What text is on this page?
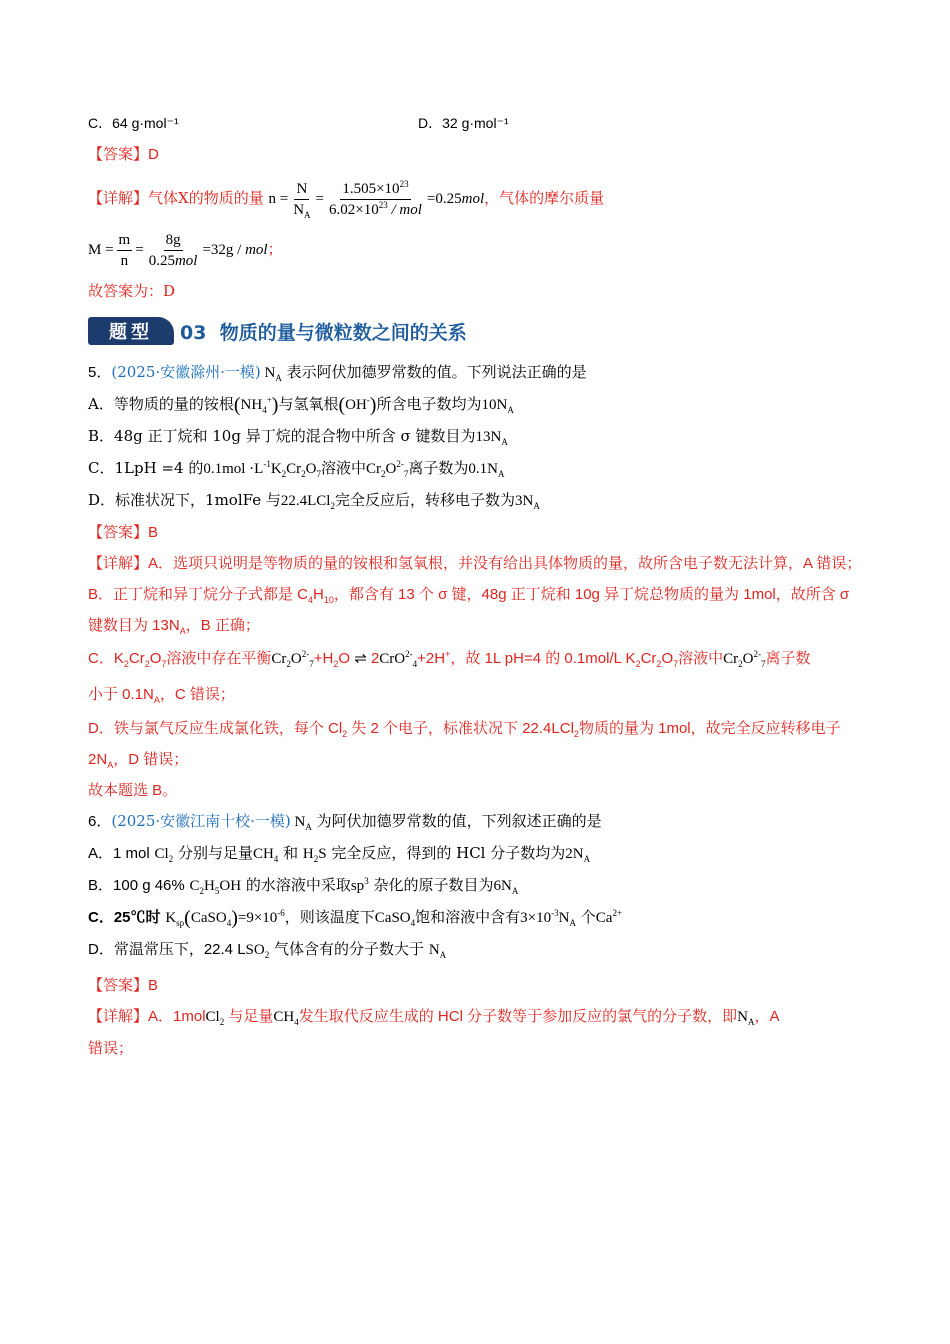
C．64 g·mol⁻¹	D．32 g·mol⁻¹
【答案】D
【详解】气体X的物质的量 $n = \frac{N}{N_A} = \frac{1.505\times 10^{23}}{6.02\times 10^{23} / mol} =0.25mol$，气体的摩尔质量
$M = \frac{m}{n} = \frac{8g}{\text{0.25mol}} =32g$ / mol；
故答案为：D
题型	03 物质的量与微粒数之间的关系
5．(2025·安徽滁州·一模) $N_A$ 表示阿伏加德罗常数的值。下列说法正确的是
A．等物质的量的铵根$(NH_4^+)$与氢氧根(OH-)所含电子数均为$10N_A$
B．48g 正丁烷和 10g 异丁烷的混合物中所含 σ 键数目为$13N_A$
C．1LpH =4 的$0.1mol \cdot L^{-1}K_2Cr_2O_7$溶液中$Cr_2O^{2-}_7$离子数为$0.1N_A$
D．标准状况下，1molFe 与22.4LCl$_2$完全反应后，转移电子数为$3N_A$
【答案】B
【详解】A．选项只说明是等物质的量的铵根和氢氧根，并没有给出具体物质的量，故所含电子数无法计算，A 错误；
B．正丁烷和异丁烷分子式都是 $C_4H_{10}$，都含有 13 个 σ 键，48g 正丁烷和 10g 异丁烷总物质的量为 1mol，故所含 σ 键数目为 $13N_A$，B 正确；
C．$K_2Cr_2O_7$溶液中存在平衡$Cr_2O^{2-}_7+H_2O$ ⇌ 2CrO$^{2-}_4$+2H+，故 1L pH=4 的 0.1mol/L $K_2Cr_2O_7$溶液中$Cr_2O^{2-}_7$离子数
小于 $0.1N_A$，C 错误；
D．铁与氯气反应生成氯化铁，每个 $Cl_2$ 失 2 个电子，标准状况下 22.4LCl$_2$物质的量为 1mol，故完全反应转移电子 $2N_A$，D 错误；
故本题选 B。
6．(2025·安徽江南十校·一模) $N_A$ 为阿伏加德罗常数的值，下列叙述正确的是
A．1 mol $Cl_2$ 分别与足量$CH_4$ 和 $H_2S$ 完全反应，得到的 HCl 分子数均为$2N_A$
B．100 g 46% $C_2H_5OH$ 的水溶液中采取$sp^3$ 杂化的原子数目为$6N_A$
C．25℃时 $K_{sp}(CaSO_4)=9\times 10^{-6}$，则该温度下CaSO$_4$饱和溶液中含有$3\times 10^{-3}N_A$ 个$Ca^{2+}$
D．常温常压下，22.4 $LSO_2$ 气体含有的分子数大于 $N_A$
【答案】B
【详解】A．1molCl$_2$ 与足量$CH_4$发生取代反应生成的 HCl 分子数等于参加反应的氯气的分子数，即$N_A$，A
错误；
